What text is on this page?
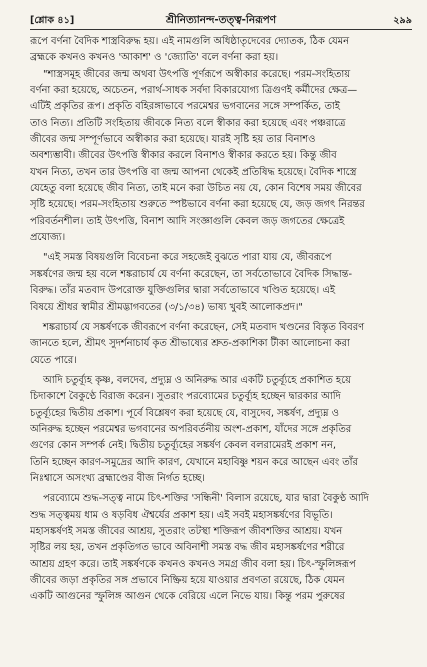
[শ্লোক ৪১]	শ্রীনিত্যানন্দ-তত্ত্ব-নিরূপণ	২৯৯
রূপে বর্ণনা বৈদিক শাস্ত্রবিরুদ্ধ হয়। এই নামগুলি অধিষ্ঠাতৃদেবের দ্যোতক, ঠিক যেমন
ব্রহ্মকে কখনও কখনও 'আকাশ' ও 'জ্যোতি' বলে বর্ণনা করা হয়।
"শাস্ত্রসমূহ জীবের জন্ম অথবা উৎপত্তি পূর্ণরূপে অস্বীকার করেছে। পরম-সংহিতায়
বর্ণনা করা হয়েছে, অচেতন, পরার্থ-সাধক সর্বদা বিকারযোগ্য ত্রিগুণই কর্মীদের ক্ষেত্র—
এটিই প্রকৃতির রূপ। প্রকৃতি বহিরঙ্গাভাবে পরমেশ্বর ভগবানের সঙ্গে সম্পর্কিত, তাই
তাও নিত্য। প্রতিটি সংহিতায় জীবকে নিত্য বলে স্বীকার করা হয়েছে এবং পঞ্চরাত্রে
জীবের জন্ম সম্পূর্ণভাবে অস্বীকার করা হয়েছে। যারই সৃষ্টি হয় তার বিনাশও
অবশ্যম্ভাবী। জীবের উৎপত্তি স্বীকার করলে বিনাশও স্বীকার করতে হয়। কিন্তু জীব
যখন নিত্য, তখন তার উৎপত্তি বা জন্ম আপনা থেকেই প্রতিষিদ্ধ হয়েছে। বৈদিক শাস্ত্রে
যেহেতু বলা হয়েছে জীব নিত্য, তাই মনে করা উচিত নয় যে, কোন বিশেষ সময় জীবের
সৃষ্টি হয়েছে। পরম-সংহিতায় শুরুতে স্পষ্টভাবে বর্ণনা করা হয়েছে যে, জড় জগৎ নিরন্তর
পরিবর্তনশীল। তাই উৎপত্তি, বিনাশ আদি সংজ্ঞাগুলি কেবল জড় জগতের ক্ষেত্রেই
প্রযোজ্য।
"এই সমস্ত বিষয়গুলি বিবেচনা করে সহজেই বুঝতে পারা যায় যে, জীবরূপে
সঙ্কর্ষণের জন্ম হয় বলে শঙ্করাচার্য যে বর্ণনা করেছেন, তা সর্বতোভাবে বৈদিক সিদ্ধান্ত-
বিরুদ্ধ। তাঁর মতবাদ উপরোক্ত যুক্তিগুলির দ্বারা সর্বতোভাবে খণ্ডিত হয়েছে। এই
বিষয়ে শ্রীধর স্বামীর শ্রীমদ্ভাগবতের (৩/১/৩৪) ভাষ্য খুবই আলোকপ্রদ।"
শঙ্করাচার্য যে সঙ্কর্ষণকে জীবরূপে বর্ণনা করেছেন, সেই মতবাদ খণ্ডনের বিস্তৃত বিবরণ
জানতে হলে, শ্রীমৎ সুদর্শনাচার্য কৃত শ্রীভাষ্যের শ্রুত-প্রকাশিকা টীকা আলোচনা করা
যেতে পারে।
আদি চতুর্ব্যূহ কৃষ্ণ, বলদেব, প্রদ্যুম্ন ও অনিরুদ্ধ আর একটি চতুর্ব্যূহে প্রকাশিত হয়ে
চিদাকাশে বৈকুণ্ঠে বিরাজ করেন। সুতরাং পরব্যোমের চতুর্ব্যূহ হচ্ছেন দ্বারকার আদি
চতুর্ব্যূহের দ্বিতীয় প্রকাশ। পূর্বে বিশ্লেষণ করা হয়েছে যে, বাসুদেব, সঙ্কর্ষণ, প্রদ্যুম্ন ও
অনিরুদ্ধ হচ্ছেন পরমেশ্বর ভগবানের অপরিবর্তনীয় অংশ-প্রকাশ, যাঁদের সঙ্গে প্রকৃতির
গুণের কোন সম্পর্ক নেই। দ্বিতীয় চতুর্ব্যূহের সঙ্কর্ষণ কেবল বলরামেরই প্রকাশ নন,
তিনি হচ্ছেন কারণ-সমুদ্রের আদি কারণ, যেখানে মহাবিষ্ণু শয়ন করে আছেন এবং তাঁর
নিঃশ্বাসে অসংখ্য ব্রহ্মাণ্ডের বীজ নির্গত হচ্ছে।
পরব্যোমে শুদ্ধ-সত্ত্ব নামে চিৎ-শক্তির 'সন্ধিনী' বিলাস রয়েছে, যার দ্বারা বৈকুণ্ঠ আদি
শুদ্ধ সত্ত্বময় ধাম ও ষড়বিধ ঐশ্বর্যের প্রকাশ হয়। এই সবই মহাসঙ্কর্ষণের বিভূতি।
মহাসঙ্কর্ষণই সমস্ত জীবের আশ্রয়, সুতরাং তটস্থা শক্তিরূপ জীবশক্তির আশ্রয়। যখন
সৃষ্টির লয় হয়, তখন প্রকৃতিগত ভাবে অবিনাশী সমস্ত বদ্ধ জীব মহাসঙ্কর্ষণের শরীরে
আশ্রয় গ্রহণ করে। তাই সঙ্কর্ষণকে কখনও কখনও সমগ্র জীব বলা হয়। চিৎ-স্ফুলিঙ্গরূপ
জীবের জড়া প্রকৃতির সঙ্গ প্রভাবে নিষ্ক্রিয় হয়ে যাওয়ার প্রবণতা রয়েছে, ঠিক যেমন
একটি আগুনের স্ফুলিঙ্গ আগুন থেকে বেরিয়ে এলে নিভে যায়। কিন্তু পরম পুরুষের
